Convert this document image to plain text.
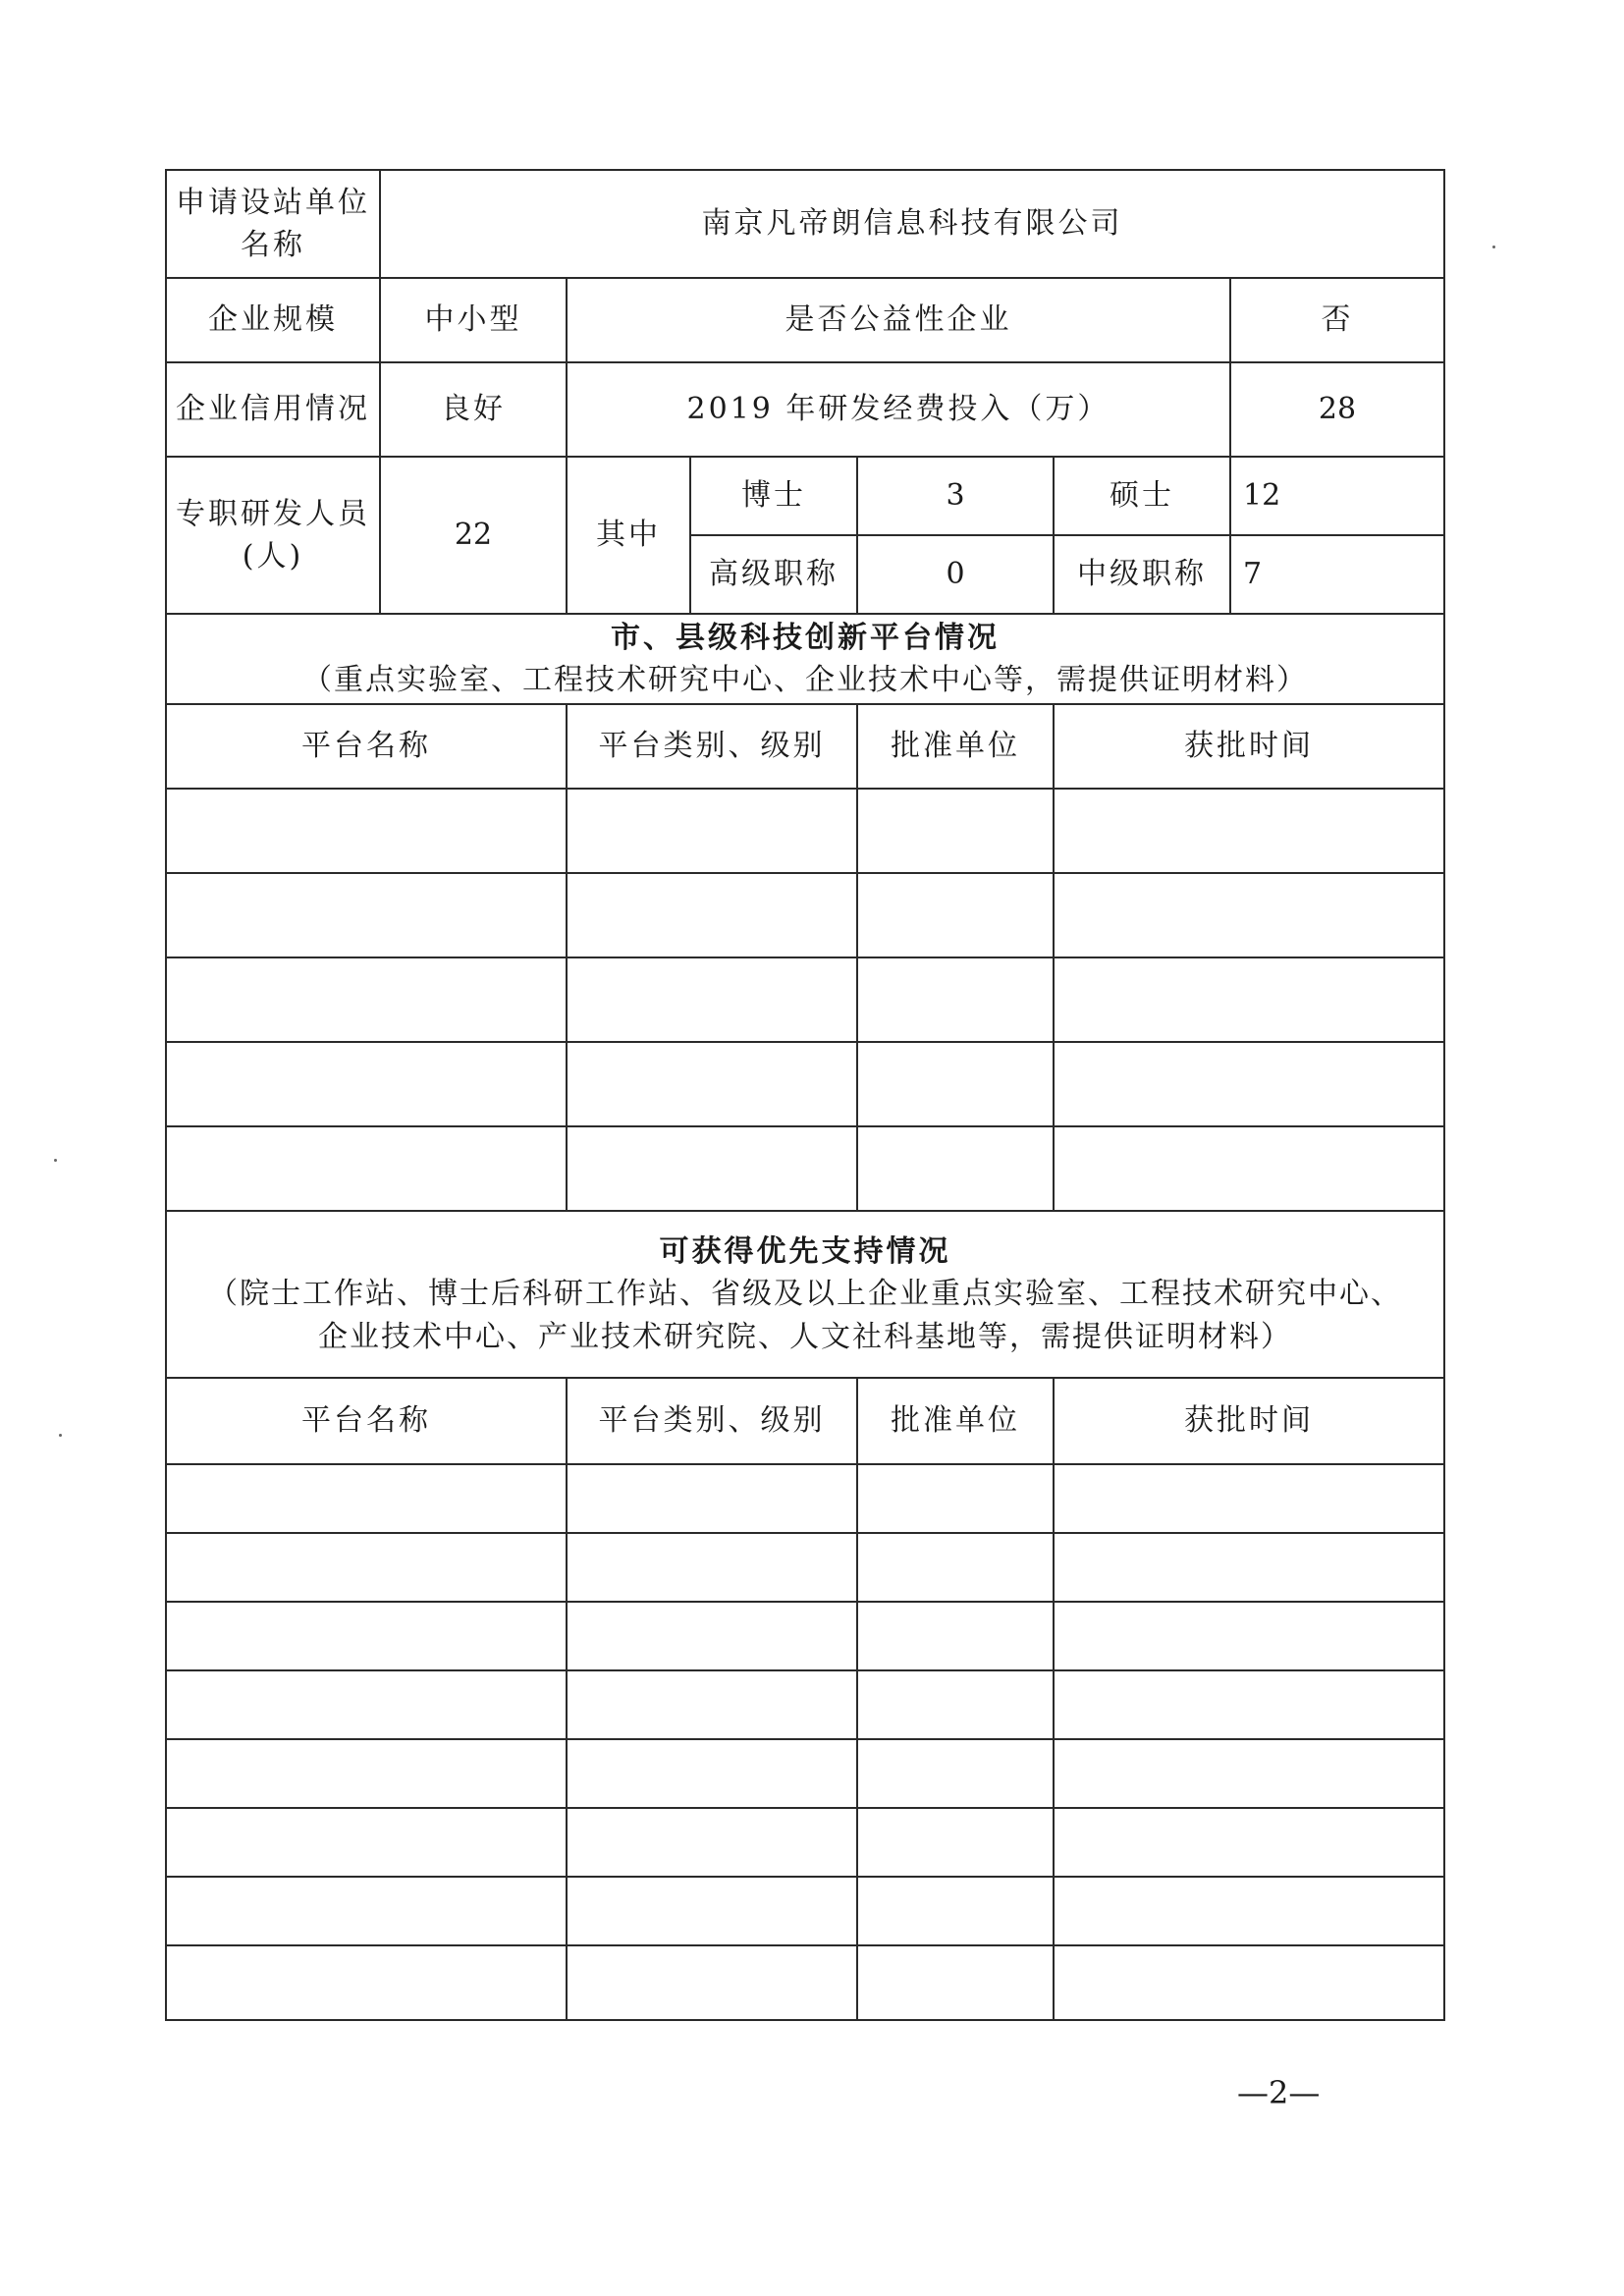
申请设站单位名称	南京凡帝朗信息科技有限公司					
企业规模	中小型	是否公益性企业				否
企业信用情况	良好	2019 年研发经费投入（万）				28
专职研发人员(人)	22	其中	博士	3	硕士	12
			高级职称	0	中级职称	7

市、县级科技创新平台情况
（重点实验室、工程技术研究中心、企业技术中心等，需提供证明材料）						

平台名称		平台类别、级别		批准单位	获批时间	

可获得优先支持情况
（院士工作站、博士后科研工作站、省级及以上企业重点实验室、工程技术研究中心、
企业技术中心、产业技术研究院、人文社科基地等，需提供证明材料）						

平台名称		平台类别、级别		批准单位	获批时间	

—2—
